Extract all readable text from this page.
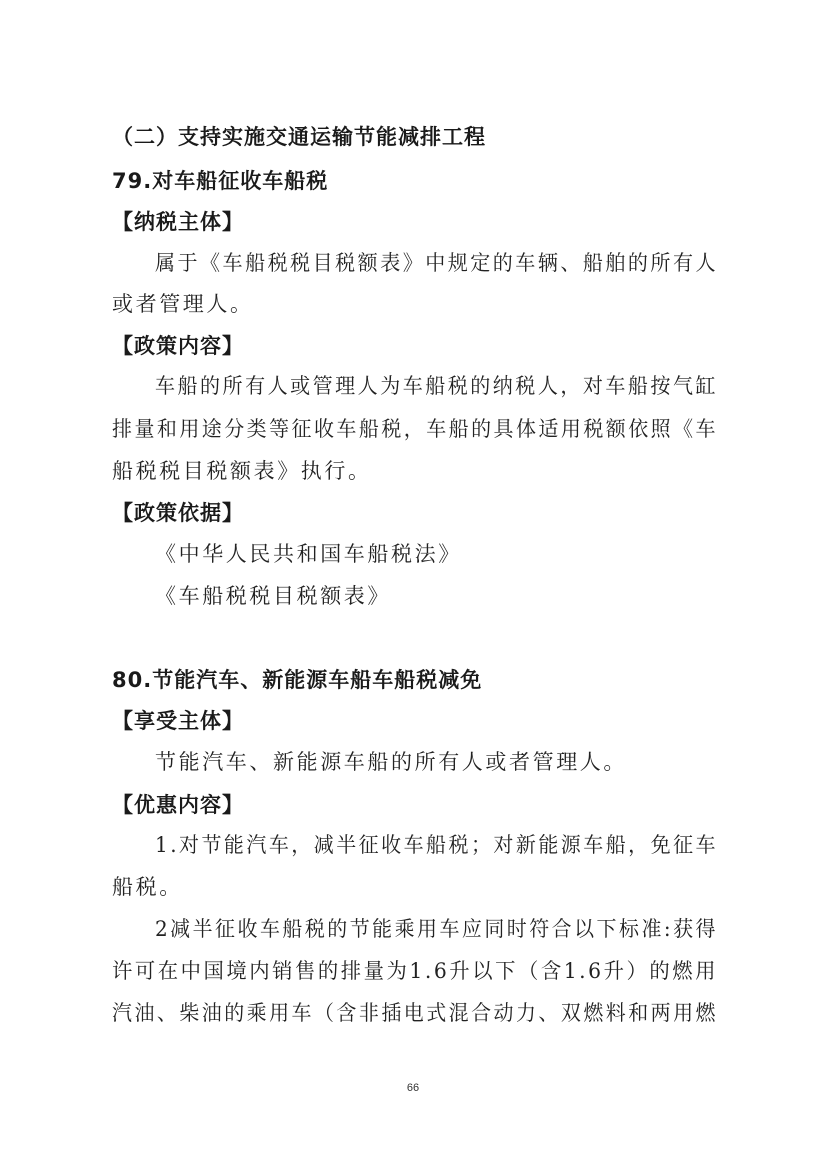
（二）支持实施交通运输节能减排工程
79.对车船征收车船税
【纳税主体】
属于《车船税税目税额表》中规定的车辆、船舶的所有人
或者管理人。
【政策内容】
车船的所有人或管理人为车船税的纳税人，对车船按气缸
排量和用途分类等征收车船税，车船的具体适用税额依照《车
船税税目税额表》执行。
【政策依据】
《中华人民共和国车船税法》
《车船税税目税额表》
80.节能汽车、新能源车船车船税减免
【享受主体】
节能汽车、新能源车船的所有人或者管理人。
【优惠内容】
1.对节能汽车，减半征收车船税；对新能源车船，免征车
船税。
2减半征收车船税的节能乘用车应同时符合以下标准:获得
许可在中国境内销售的排量为1.6升以下（含1.6升）的燃用
汽油、柴油的乘用车（含非插电式混合动力、双燃料和两用燃
66
